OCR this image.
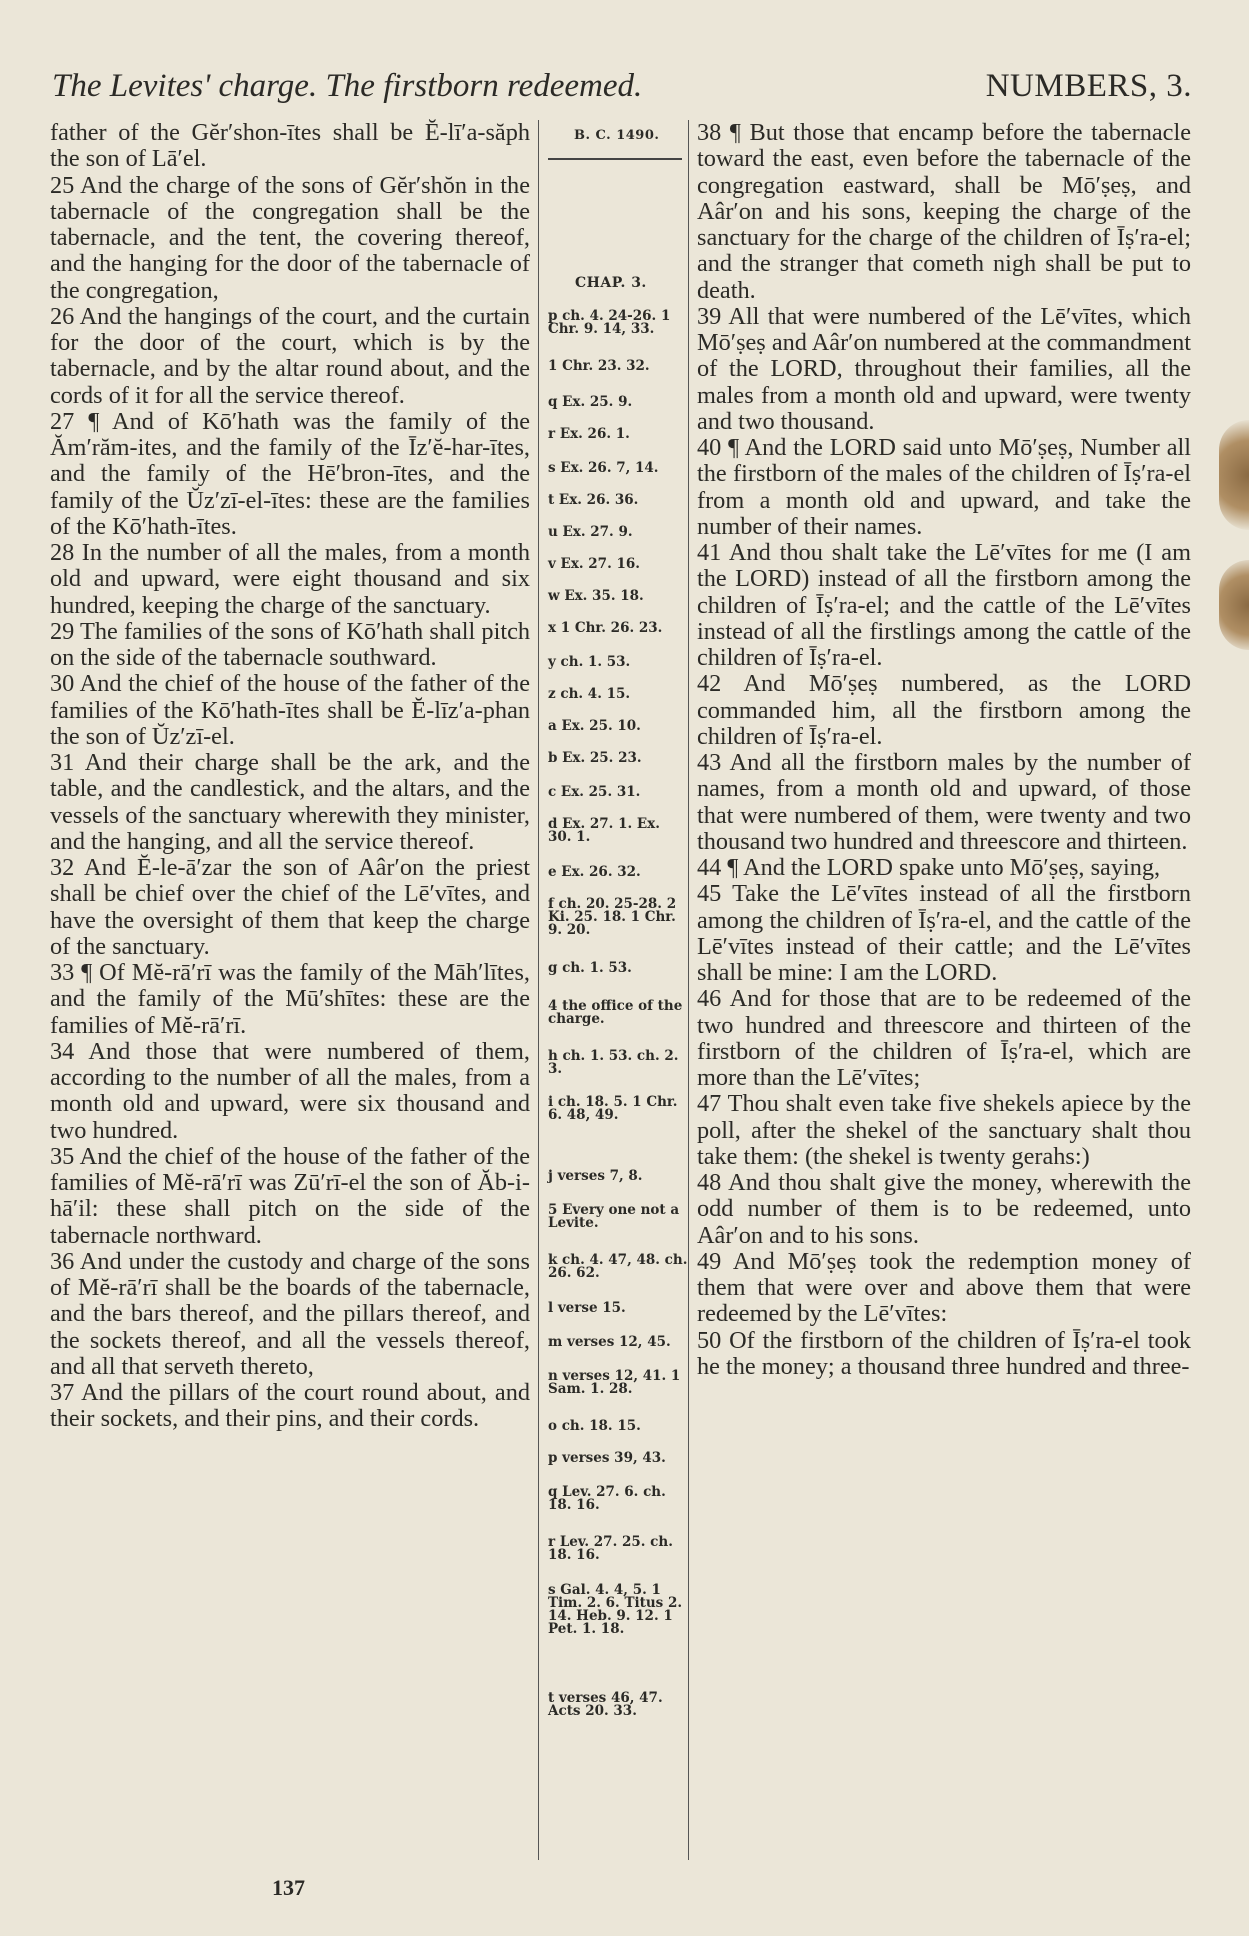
The Levites' charge. The firstborn redeemed.	NUMBERS, 3.

father of the Gĕr′shon-ītes shall be Ĕ-lī′a-săph the son of Lā′el.

25 And the charge of the sons of Gĕr′shŏn in the tabernacle of the congregation shall be the tabernacle, and the tent, the covering thereof, and the hanging for the door of the tabernacle of the congregation,

26 And the hangings of the court, and the curtain for the door of the court, which is by the tabernacle, and by the altar round about, and the cords of it for all the service thereof.

27 ¶ And of Kō′hath was the family of the Ăm′răm-ites, and the family of the Īz′ĕ-har-ītes, and the family of the Hē′bron-ītes, and the family of the Ŭz′zī-el-ītes: these are the families of the Kō′hath-ītes.

28 In the number of all the males, from a month old and upward, were eight thousand and six hundred, keeping the charge of the sanctuary.

29 The families of the sons of Kō′hath shall pitch on the side of the tabernacle southward.

30 And the chief of the house of the father of the families of the Kō′hath-ītes shall be Ĕ-līz′a-phan the son of Ŭz′zī-el.

31 And their charge shall be the ark, and the table, and the candlestick, and the altars, and the vessels of the sanctuary wherewith they minister, and the hanging, and all the service thereof.

32 And Ĕ-le-ā′zar the son of Aâr′on the priest shall be chief over the chief of the Lē′vītes, and have the oversight of them that keep the charge of the sanctuary.

33 ¶ Of Mĕ-rā′rī was the family of the Māh′lītes, and the family of the Mū′shītes: these are the families of Mĕ-rā′rī.

34 And those that were numbered of them, according to the number of all the males, from a month old and upward, were six thousand and two hundred.

35 And the chief of the house of the father of the families of Mĕ-rā′rī was Zū′rī-el the son of Ăb-i-hā′il: these shall pitch on the side of the tabernacle northward.

36 And under the custody and charge of the sons of Mĕ-rā′rī shall be the boards of the tabernacle, and the bars thereof, and the pillars thereof, and the sockets thereof, and all the vessels thereof, and all that serveth thereto,

37 And the pillars of the court round about, and their sockets, and their pins, and their cords.

B. C. 1490.
CHAP. 3.
p ch. 4. 24-26. 1 Chr. 9. 14, 33.
1 Chr. 23. 32.
q Ex. 25. 9.
r Ex. 26. 1.
s Ex. 26. 7, 14.
t Ex. 26. 36.
u Ex. 27. 9.
v Ex. 27. 16.
w Ex. 35. 18.
x 1 Chr. 26. 23.
y ch. 1. 53.
z ch. 4. 15.
a Ex. 25. 10.
b Ex. 25. 23.
c Ex. 25. 31.
d Ex. 27. 1. Ex. 30. 1.
e Ex. 26. 32.
f ch. 20. 25-28. 2 Ki. 25. 18. 1 Chr. 9. 20.
g ch. 1. 53.
4 the office of the charge.
h ch. 1. 53. ch. 2. 3.
i ch. 18. 5. 1 Chr. 6. 48, 49.
j verses 7, 8.
5 Every one not a Levite.
k ch. 4. 47, 48. ch. 26. 62.
l verse 15.
m verses 12, 45.
n verses 12, 41. 1 Sam. 1. 28.
o ch. 18. 15.
p verses 39, 43.
q Lev. 27. 6. ch. 18. 16.
r Lev. 27. 25. ch. 18. 16.
s Gal. 4. 4, 5. 1 Tim. 2. 6. Titus 2. 14. Heb. 9. 12. 1 Pet. 1. 18.
t verses 46, 47. Acts 20. 33.

38 ¶ But those that encamp before the tabernacle toward the east, even before the tabernacle of the congregation eastward, shall be Mō′ṣeṣ, and Aâr′on and his sons, keeping the charge of the sanctuary for the charge of the children of Īṣ′ra-el; and the stranger that cometh nigh shall be put to death.

39 All that were numbered of the Lē′vītes, which Mō′ṣeṣ and Aâr′on numbered at the commandment of the LORD, throughout their families, all the males from a month old and upward, were twenty and two thousand.

40 ¶ And the LORD said unto Mō′ṣeṣ, Number all the firstborn of the males of the children of Īṣ′ra-el from a month old and upward, and take the number of their names.

41 And thou shalt take the Lē′vītes for me (I am the LORD) instead of all the firstborn among the children of Īṣ′ra-el; and the cattle of the Lē′vītes instead of all the firstlings among the cattle of the children of Īṣ′ra-el.

42 And Mō′ṣeṣ numbered, as the LORD commanded him, all the firstborn among the children of Īṣ′ra-el.

43 And all the firstborn males by the number of names, from a month old and upward, of those that were numbered of them, were twenty and two thousand two hundred and threescore and thirteen.

44 ¶ And the LORD spake unto Mō′ṣeṣ, saying,

45 Take the Lē′vītes instead of all the firstborn among the children of Īṣ′ra-el, and the cattle of the Lē′vītes instead of their cattle; and the Lē′vītes shall be mine: I am the LORD.

46 And for those that are to be redeemed of the two hundred and threescore and thirteen of the firstborn of the children of Īṣ′ra-el, which are more than the Lē′vītes;

47 Thou shalt even take five shekels apiece by the poll, after the shekel of the sanctuary shalt thou take them: (the shekel is twenty gerahs:)

48 And thou shalt give the money, wherewith the odd number of them is to be redeemed, unto Aâr′on and to his sons.

49 And Mō′ṣeṣ took the redemption money of them that were over and above them that were redeemed by the Lē′vītes:

50 Of the firstborn of the children of Īṣ′ra-el took he the money; a thousand three hundred and three-

137
